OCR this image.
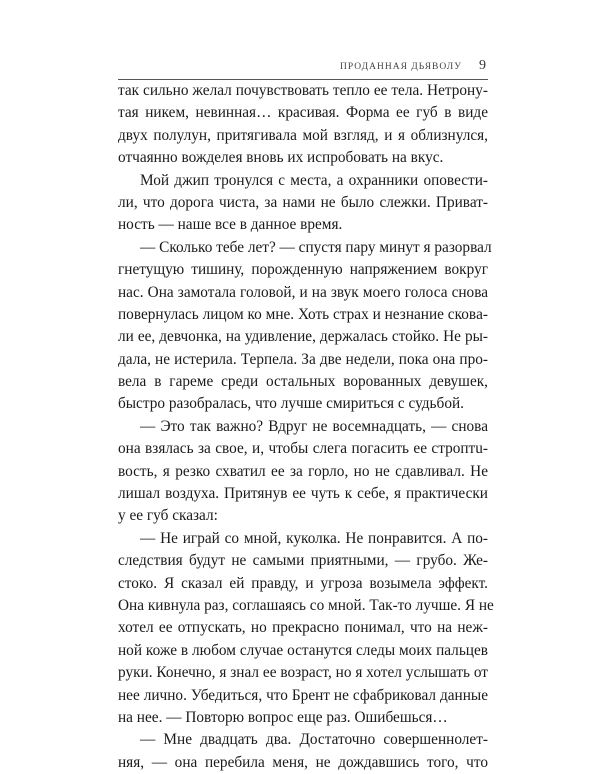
ПРОДАННАЯ ДЬЯВОЛУ 9
так сильно желал почувствовать тепло ее тела. Нетрону-
тая никем, невинная… красивая. Форма ее губ в виде
двух полулун, притягивала мой взгляд, и я облизнулся,
отчаянно вожделея вновь их испробовать на вкус.
Мой джип тронулся с места, а охранники оповести-
ли, что дорога чиста, за нами не было слежки. Приват-
ность — наше все в данное время.
— Сколько тебе лет? — спустя пару минут я разорвал
гнетущую тишину, порожденную напряжением вокруг
нас. Она замотала головой, и на звук моего голоса снова
повернулась лицом ко мне. Хоть страх и незнание сковa-
ли ее, девчонка, на удивление, держалась стойко. Не ры-
дала, не истерила. Терпела. За две недели, пока она про-
вела в гареме среди остальных ворованных девушек,
быстро разобралась, что лучше смириться с судьбой.
— Это так важно? Вдруг не восемнадцать, — снова
она взялась за свое, и, чтобы слега погасить ее строптu-
вость, я резко схватил ее за горло, но не сдавливал. Не
лишал воздуха. Притянув ее чуть к себе, я практически
у ее губ сказал:
— Не играй со мной, куколка. Не понравится. А по-
следствия будут не самыми приятными, — грубо. Же-
стоко. Я сказал ей правду, и угроза возымела эффект.
Она кивнула раз, соглашаясь со мной. Так-то лучше. Я не
хотел ее отпускать, но прекрасно понимал, что на неж-
ной коже в любом случае останутся следы моих пальцев
руки. Конечно, я знал ее возраст, но я хотел услышать от
нее лично. Убедиться, что Брент не сфабриковал данные
на нее. — Повторю вопрос еще раз. Ошибешься…
— Мне двадцать два. Достаточно совершеннолет-
няя, — она перебила меня, не дождавшись того, что
